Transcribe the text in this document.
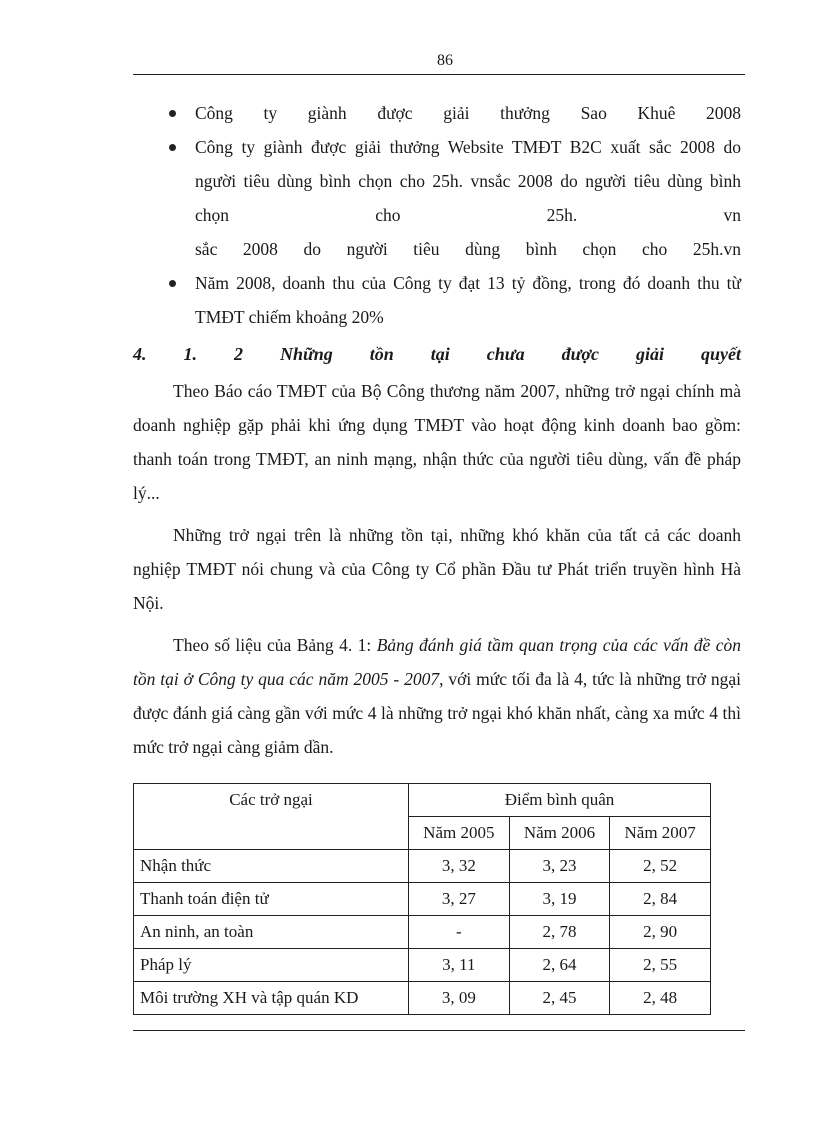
86
Công ty giành được giải thưởng Sao Khuê 2008
Công ty giành được giải thưởng Website TMĐT B2C xuất sắc 2008 do
người tiêu dùng bình chọn cho 25h. vnsắc 2008 do người tiêu dùng bình
chọn cho 25h. vn
sắc 2008 do người tiêu dùng bình chọn cho 25h.vn
Năm 2008, doanh thu của Công ty đạt 13 tỷ đồng, trong đó doanh thu từ
TMĐT chiếm khoảng 20%

4. 1. 2 Những tồn tại chưa được giải quyết

Theo Báo cáo TMĐT của Bộ Công thương năm 2007, những trở ngại chính mà doanh nghiệp gặp phải khi ứng dụng TMĐT vào hoạt động kinh doanh bao gồm: thanh toán trong TMĐT, an ninh mạng, nhận thức của người tiêu dùng, vấn đề pháp lý...

Những trở ngại trên là những tồn tại, những khó khăn của tất cả các doanh nghiệp TMĐT nói chung và của Công ty Cổ phần Đầu tư Phát triển truyền hình Hà Nội.

Theo số liệu của Bảng 4. 1: Bảng đánh giá tầm quan trọng của các vấn đề còn tồn tại ở Công ty qua các năm 2005 - 2007, với mức tối đa là 4, tức là những trở ngại được đánh giá càng gần với mức 4 là những trở ngại khó khăn nhất, càng xa mức 4 thì mức trở ngại càng giảm dần.

Các trở ngại	Điểm bình quân		
	Năm 2005	Năm 2006	Năm 2007
Nhận thức	3, 32	3, 23	2, 52
Thanh toán điện tử	3, 27	3, 19	2, 84
An ninh, an toàn	-	2, 78	2, 90
Pháp lý	3, 11	2, 64	2, 55
Môi trường XH và tập quán KD	3, 09	2, 45	2, 48
